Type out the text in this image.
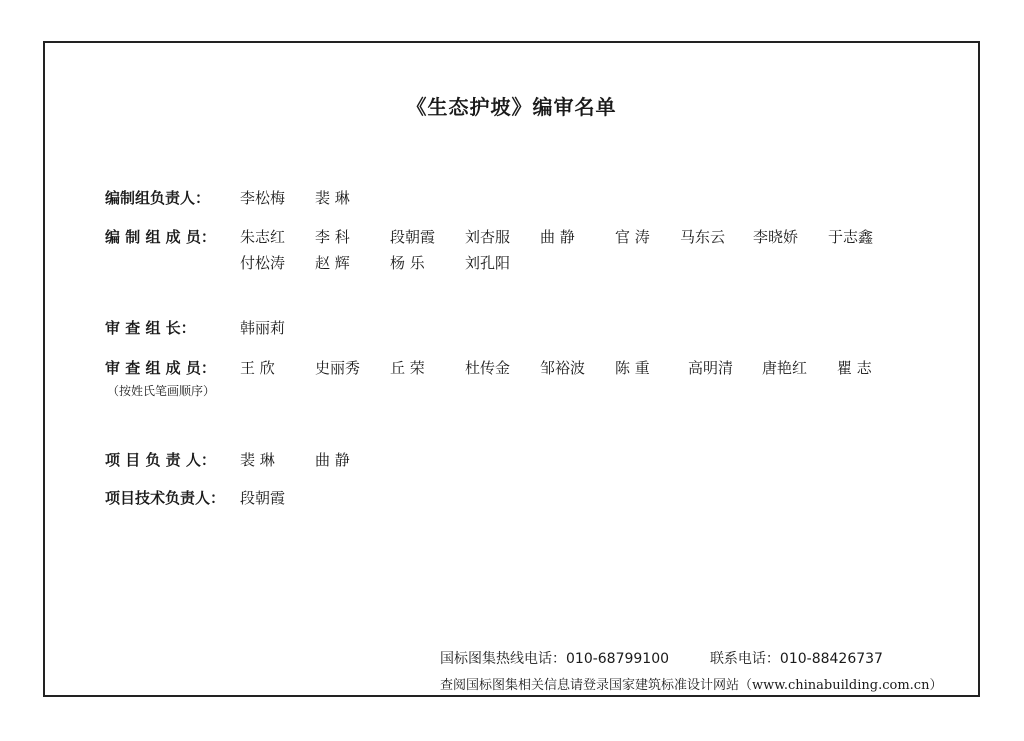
《生态护坡》编审名单
编制组负责人： 李松梅 裴 琳
编 制 组 成 员： 朱志红 李 科	段朝霞 刘杏服 曲 静	官 涛 马东云 李晓娇 于志鑫
付松涛 赵 辉	杨 乐	刘孔阳
审 查 组 长：	韩丽莉
审 查 组 成 员： 王 欣	史丽秀 丘 荣	杜传金 邹裕波 陈 重	高明清 唐艳红 瞿 志
（按姓氏笔画顺序）
项 目 负 责 人： 裴 琳	曲 静
项目技术负责人： 段朝霞
国标图集热线电话：010-68799100	联系电话：010-88426737
查阅国标图集相关信息请登录国家建筑标准设计网站（www.chinabuilding.com.cn）
